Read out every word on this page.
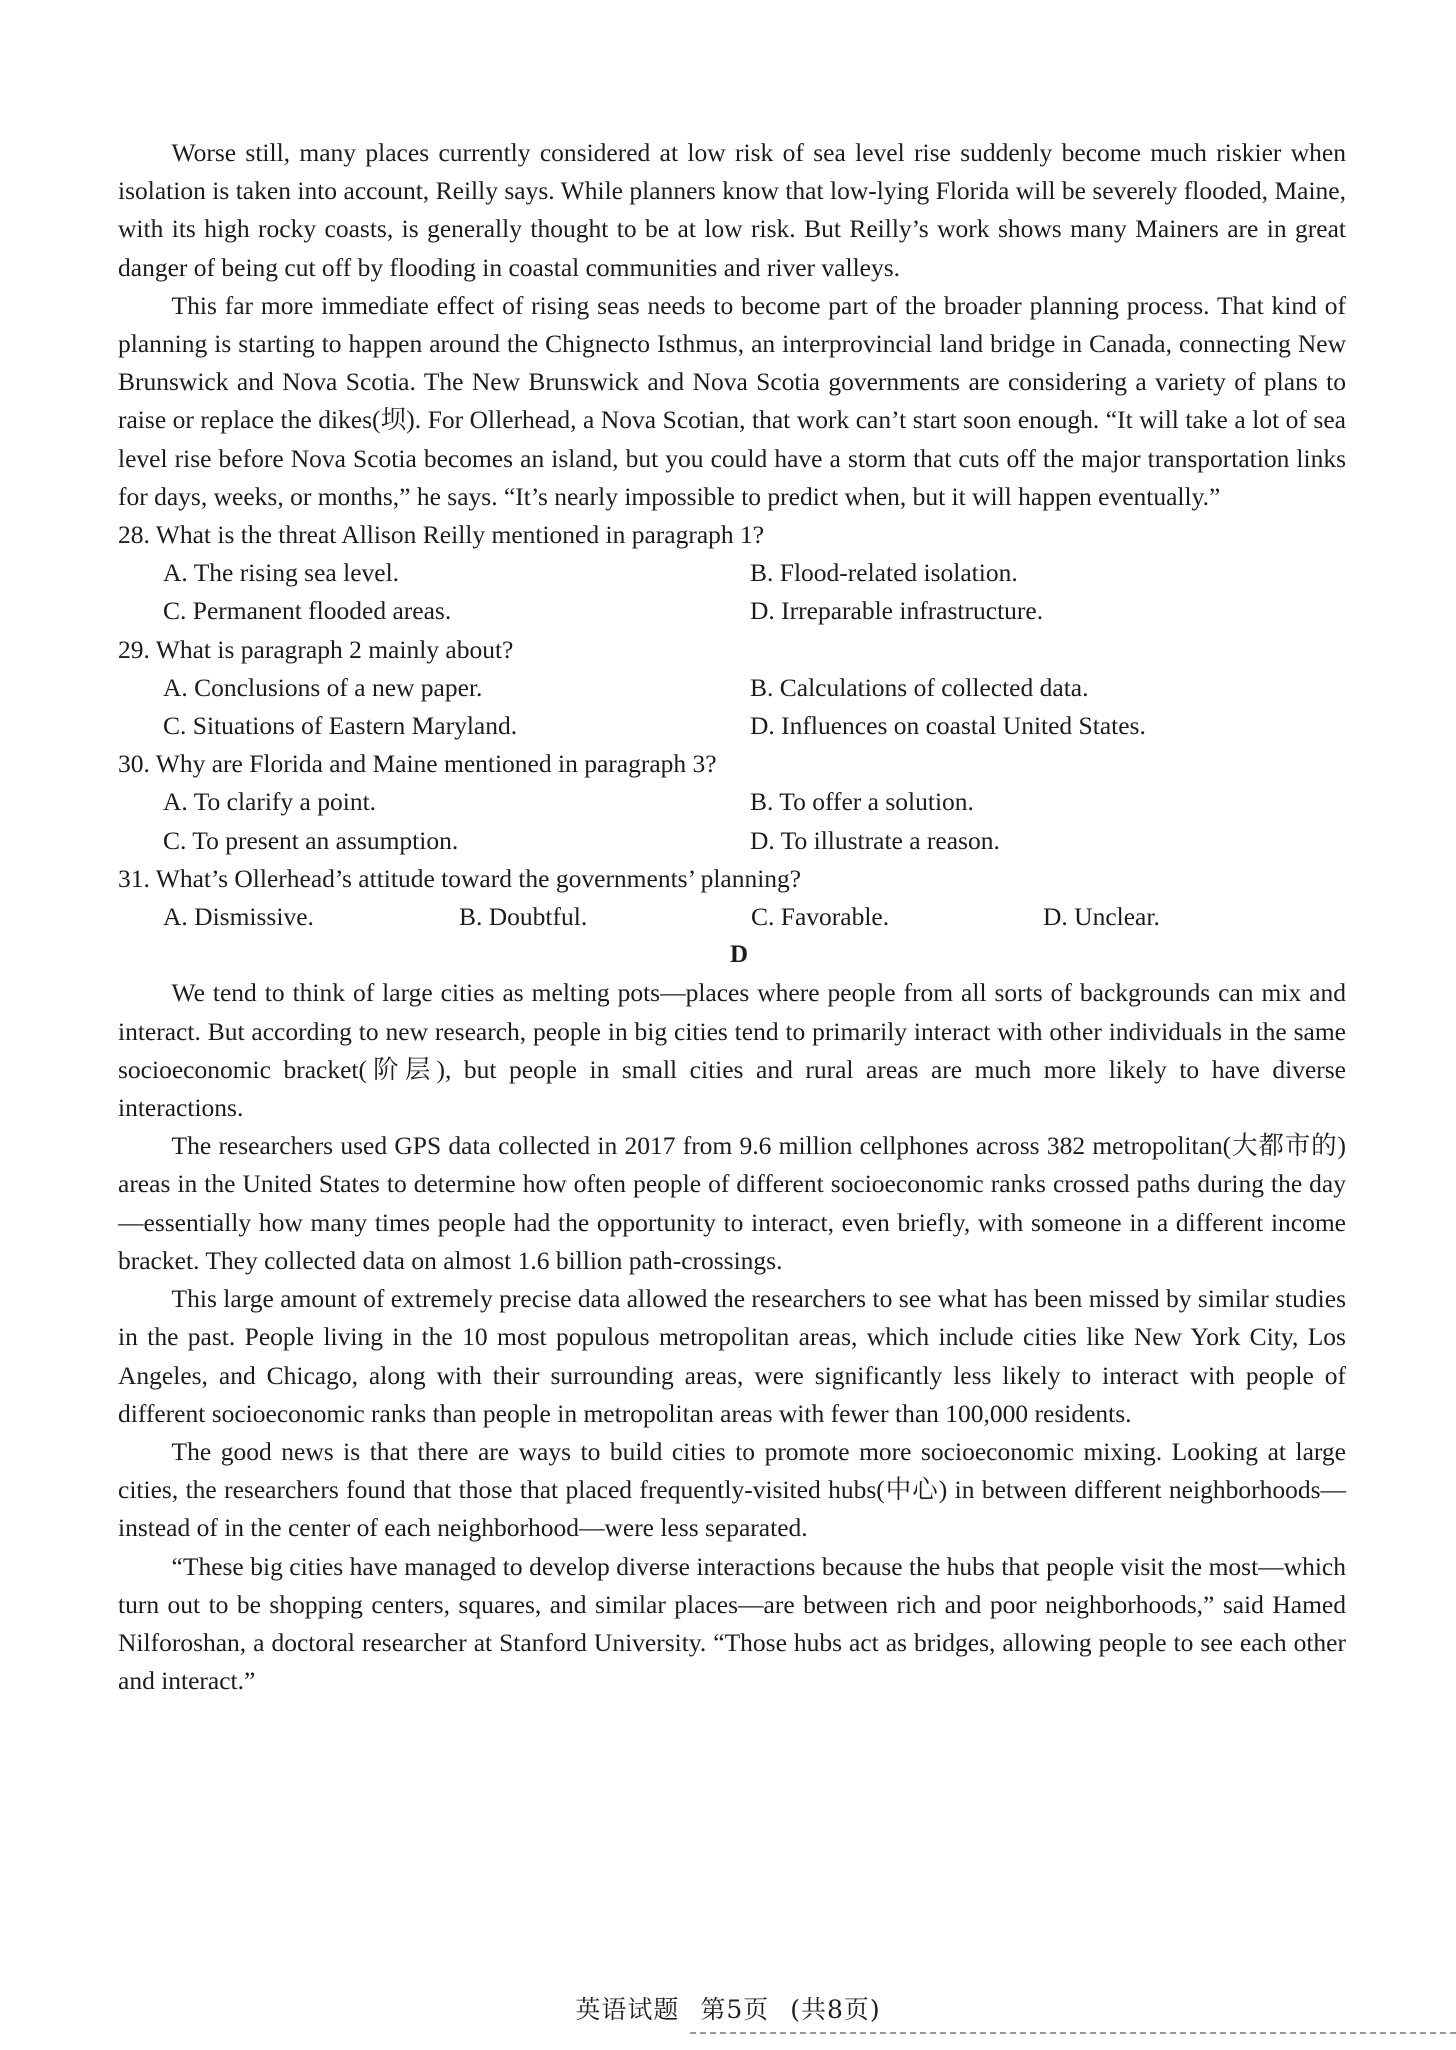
Worse still, many places currently considered at low risk of sea level rise suddenly become much riskier when isolation is taken into account, Reilly says. While planners know that low-lying Florida will be severely flooded, Maine, with its high rocky coasts, is generally thought to be at low risk. But Reilly’s work shows many Mainers are in great danger of being cut off by flooding in coastal communities and river valleys.

This far more immediate effect of rising seas needs to become part of the broader planning process. That kind of planning is starting to happen around the Chignecto Isthmus, an interprovincial land bridge in Canada, connecting New Brunswick and Nova Scotia. The New Brunswick and Nova Scotia governments are considering a variety of plans to raise or replace the dikes(坝). For Ollerhead, a Nova Scotian, that work can’t start soon enough. “It will take a lot of sea level rise before Nova Scotia becomes an island, but you could have a storm that cuts off the major transportation links for days, weeks, or months,” he says. “It’s nearly impossible to predict when, but it will happen eventually.”

28. What is the threat Allison Reilly mentioned in paragraph 1?

A. The rising sea level.	B. Flood-related isolation.
C. Permanent flooded areas.	D. Irreparable infrastructure.

29. What is paragraph 2 mainly about?

A. Conclusions of a new paper.	B. Calculations of collected data.
C. Situations of Eastern Maryland.	D. Influences on coastal United States.

30. Why are Florida and Maine mentioned in paragraph 3?

A. To clarify a point.	B. To offer a solution.
C. To present an assumption.	D. To illustrate a reason.

31. What’s Ollerhead’s attitude toward the governments’ planning?

A. Dismissive.	B. Doubtful.	C. Favorable.	D. Unclear.

D

We tend to think of large cities as melting pots—places where people from all sorts of backgrounds can mix and interact. But according to new research, people in big cities tend to primarily interact with other individuals in the same socioeconomic bracket(阶层), but people in small cities and rural areas are much more likely to have diverse interactions.

The researchers used GPS data collected in 2017 from 9.6 million cellphones across 382 metropolitan(大都市的) areas in the United States to determine how often people of different socioeconomic ranks crossed paths during the day—essentially how many times people had the opportunity to interact, even briefly, with someone in a different income bracket. They collected data on almost 1.6 billion path-crossings.

This large amount of extremely precise data allowed the researchers to see what has been missed by similar studies in the past. People living in the 10 most populous metropolitan areas, which include cities like New York City, Los Angeles, and Chicago, along with their surrounding areas, were significantly less likely to interact with people of different socioeconomic ranks than people in metropolitan areas with fewer than 100,000 residents.

The good news is that there are ways to build cities to promote more socioeconomic mixing. Looking at large cities, the researchers found that those that placed frequently-visited hubs(中心) in between different neighborhoods—instead of in the center of each neighborhood—were less separated.

“These big cities have managed to develop diverse interactions because the hubs that people visit the most—which turn out to be shopping centers, squares, and similar places—are between rich and poor neighborhoods,” said Hamed Nilforoshan, a doctoral researcher at Stanford University. “Those hubs act as bridges, allowing people to see each other and interact.”

英语试题 第5页 (共8页)
